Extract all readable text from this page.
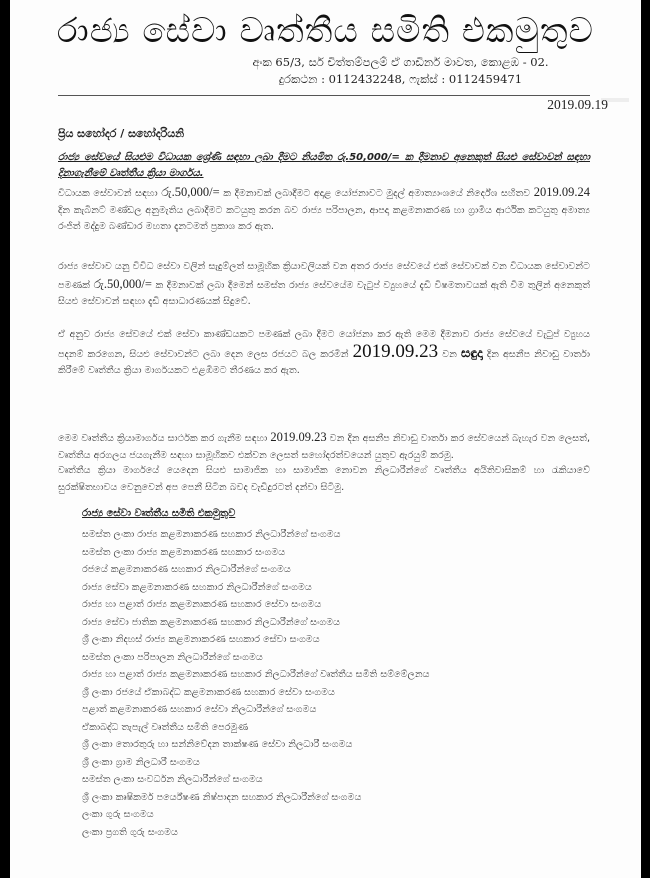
රාජ්‍ය සේවා වෘත්තීය සමිති එකමුතුව
අංක 65/3, සර් චිත්තම්පලම් ඒ ගාඩිනර් මාවත, කොළඹ - 02.
දුරකථන : 0112432248, ෆැක්ස් : 0112459471
2019.09.19
ප්‍රිය සහෝදර / සහෝදරියනි
රාජ්‍ය සේවයේ සියළුම විධායක ශ්‍රේණි සඳහා ලබා දීමට නියමිත රු.50,000/= ක දීමනාව අනෙකුත් සියළු සේවාවන් සඳහා දිනාගැනීමේ වෘත්තීය ක්‍රියා මාර්ගය.
විධායක සේවාවන් සඳහා රු.50,000/= ක දීමනාවක් ලබාදීමට අදාළ යෝජනාවට මුදල් අමාත්‍යාංශයේ නිර්දේශ සහිතව 2019.09.24 දින කැබිනට් මණ්ඩල අනුමැතිය ලබාදීමට කටයුතු කරන බව රාජ්‍ය පරිපාලන, ආපදා කළමනාකරණ හා ග්‍රාමීය ආර්ථික කටයුතු අමාත්‍ය රංජිත් මද්දුම බණ්ඩාර මහතා දැනටමත් ප්‍රකාශ කර ඇත.
රාජ්‍ය සේවාව යනු විවිධ සේවා වලින් සැදුම්ලත් සාමූහික ක්‍රියාවලියක් වන අතර රාජ්‍ය සේවයේ එක් සේවාවක් වන විධායක සේවාවන්ට පමණක් රු.50,000/= ක දීමනාවක් ලබා දීමෙන් සමස්ත රාජ්‍ය සේවයේම වැටුප් ව්‍යුහයේ දැඩි විෂමතාවයක් ඇති වීම තුලින් අනෙකුත් සියළු සේවාවන් සඳහා දැඩි අසාධාරණයක් සිදුවේ.
ඒ අනුව රාජ්‍ය සේවයේ එක් සේවා කාණ්ඩයකට පමණක් ලබා දීමට යෝජනා කර ඇති මෙම දීමනාව රාජ්‍ය සේවයේ වැටුප් ව්‍යුහය පදනම් කරගෙන, සියළු සේවාවන්ට ලබා දෙන ලෙස රජයට බල කරමින් 2019.09.23 වන සඳුදා දින අසනීප නිවාඩු වාර්තා කිරීමේ වෘත්තීය ක්‍රියා මාර්ගයකට එළඹීමට තීරණය කර ඇත.
මෙම වෘත්තීය ක්‍රියාමාර්ගය සාර්ථක කර ගැනීම සඳහා 2019.09.23 වන දින අසනීප නිවාඩු වාර්තා කර සේවයෙන් බැහැර වන ලෙසත්, වෘත්තීය අරගලය ජයගැනීම සඳහා සාමූහිකව එක්වන ලෙසත් සහෝදරත්වයෙන් යුතුව ඇරයුම් කරමු.
වෘත්තීය ක්‍රියා මාර්ගයේ යෙදෙන සියළු සාමාජික හා සාමාජික නොවන නිලධාරීන්ගේ වෘත්තීය අයිතිවාසිකම් හා රැකියාවේ සුරක්ෂිතභාවය වෙනුවෙන් අප පෙනී සිටින බවද වැඩිදුරටත් දන්වා සිටිමු.
රාජ්‍ය සේවා වෘත්තීය සමිති එකමුතුව
සමස්ත ලංකා රාජ්‍ය කළමනාකරණ සහකාර නිලධාරීන්ගේ සංගමය
සමස්ත ලංකා රාජ්‍ය කළමනාකරණ සහකාර සංගමය
රජයේ කළමනාකරණ සහකාර නිලධාරීන්ගේ සංගමය
රාජ්‍ය සේවා කළමනාකරණ සහකාර නිලධාරීන්ගේ සංගමය
රාජ්‍ය හා පළාත් රාජ්‍ය කළමනාකරණ සහකාර සේවා සංගමය
රාජ්‍ය සේවා ජාතික කළමනාකරණ සහකාර නිලධාරීන්ගේ සංගමය
ශ්‍රී ලංකා නිදහස් රාජ්‍ය කළමනාකරණ සහකාර සේවා සංගමය
සමස්ත ලංකා පරිපාලන නිලධාරීන්ගේ සංගමය
රාජ්‍ය හා පළාත් රාජ්‍ය කළමනාකරණ සහකාර නිලධාරීන්ගේ වෘත්තීය සමිති සම්මේලනය
ශ්‍රී ලංකා රජයේ ඒකාබද්ධ කළමනාකරණ සහකාර සේවා සංගමය
පළාත් කළමනාකරණ සහකාර සේවා නිලධාරීන්ගේ සංගමය
ඒකාබද්ධ තැපැල් වෘත්තීය සමිති පෙරමුණ
ශ්‍රී ලංකා තොරතුරු හා සන්නිවේදන තාක්ෂණ සේවා නිලධාරී සංගමය
ශ්‍රී ලංකා ග්‍රාම නිලධාරී සංගමය
සමස්ත ලංකා සංවර්ධන නිලධාරීන්ගේ සංගමය
ශ්‍රී ලංකා කෘෂිකර්ම පර්යේෂණ නිෂ්පාදන සහකාර නිලධාරීන්ගේ සංගමය
ලංකා ගුරු සංගමය
ලංකා ප්‍රගති ගුරු සංගමය
